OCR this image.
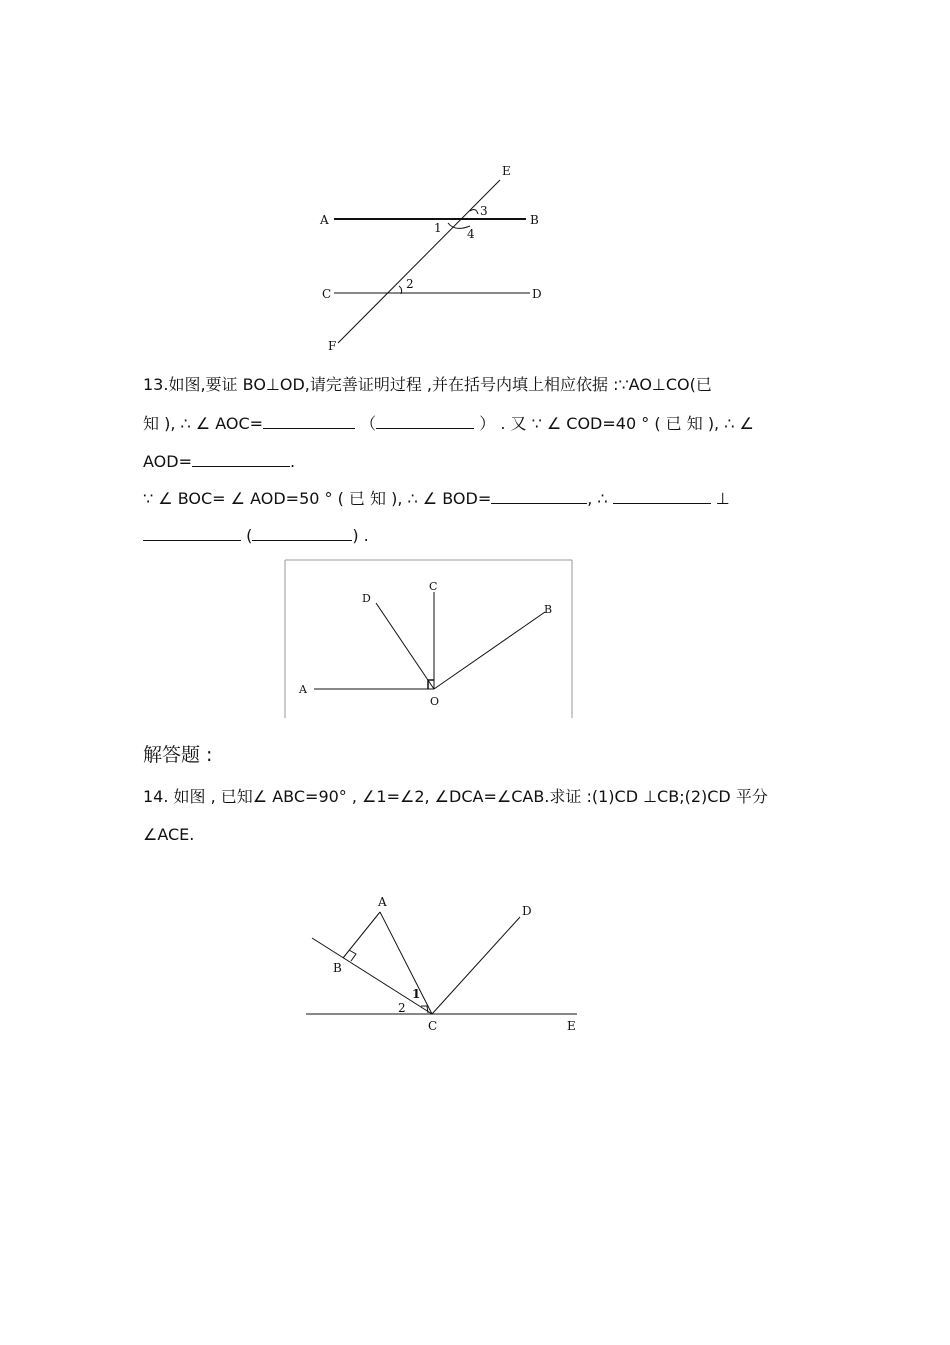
A	B
C	D
E
F
1
2
3
4
A
B
C
D
O
A
B
C
D
E
1
2
13.如图,要证 BO⊥OD,请完善证明过程 ,并在括号内填上相应依据 :∵AO⊥CO(已
知 ), ∴ ∠ AOC=	（	） . 又 ∵ ∠ COD=40 ° ( 已 知 ), ∴ ∠
AOD=	.
∵ ∠ BOC= ∠ AOD=50 ° ( 已 知 ), ∴ ∠ BOD=	, ∴	⊥
(	) .
解答题 :
14. 如图 , 已知∠ ABC=90° , ∠1=∠2, ∠DCA=∠CAB.求证 :(1)CD ⊥CB;(2)CD 平分
∠ACE.
